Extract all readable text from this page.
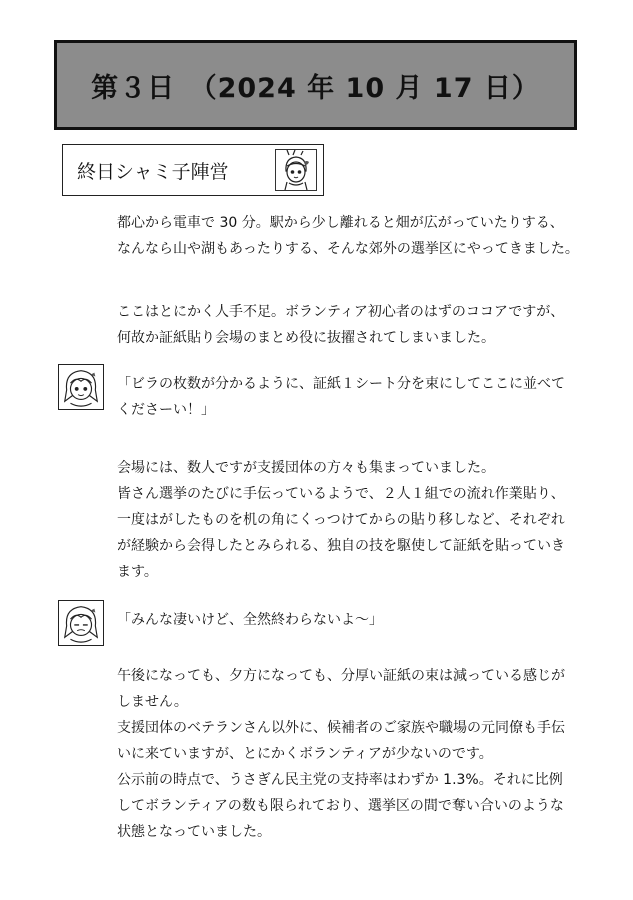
第３日　（2024 年 10 月 17 日）
終日シャミ子陣営
都心から電車で 30 分。駅から少し離れると畑が広がっていたりする、
なんなら山や湖もあったりする、そんな郊外の選挙区にやってきました。
ここはとにかく人手不足。ボランティア初心者のはずのココアですが、
何故か証紙貼り会場のまとめ役に抜擢されてしまいました。
「ビラの枚数が分かるように、証紙１シート分を束にしてここに並べて
くださーい！」
会場には、数人ですが支援団体の方々も集まっていました。
皆さん選挙のたびに手伝っているようで、２人１組での流れ作業貼り、
一度はがしたものを机の角にくっつけてからの貼り移しなど、それぞれ
が経験から会得したとみられる、独自の技を駆使して証紙を貼っていき
ます。
「みんな凄いけど、全然終わらないよ～」
午後になっても、夕方になっても、分厚い証紙の束は減っている感じが
しません。
支援団体のベテランさん以外に、候補者のご家族や職場の元同僚も手伝
いに来ていますが、とにかくボランティアが少ないのです。
公示前の時点で、うさぎん民主党の支持率はわずか 1.3%。それに比例
してボランティアの数も限られており、選挙区の間で奪い合いのような
状態となっていました。
